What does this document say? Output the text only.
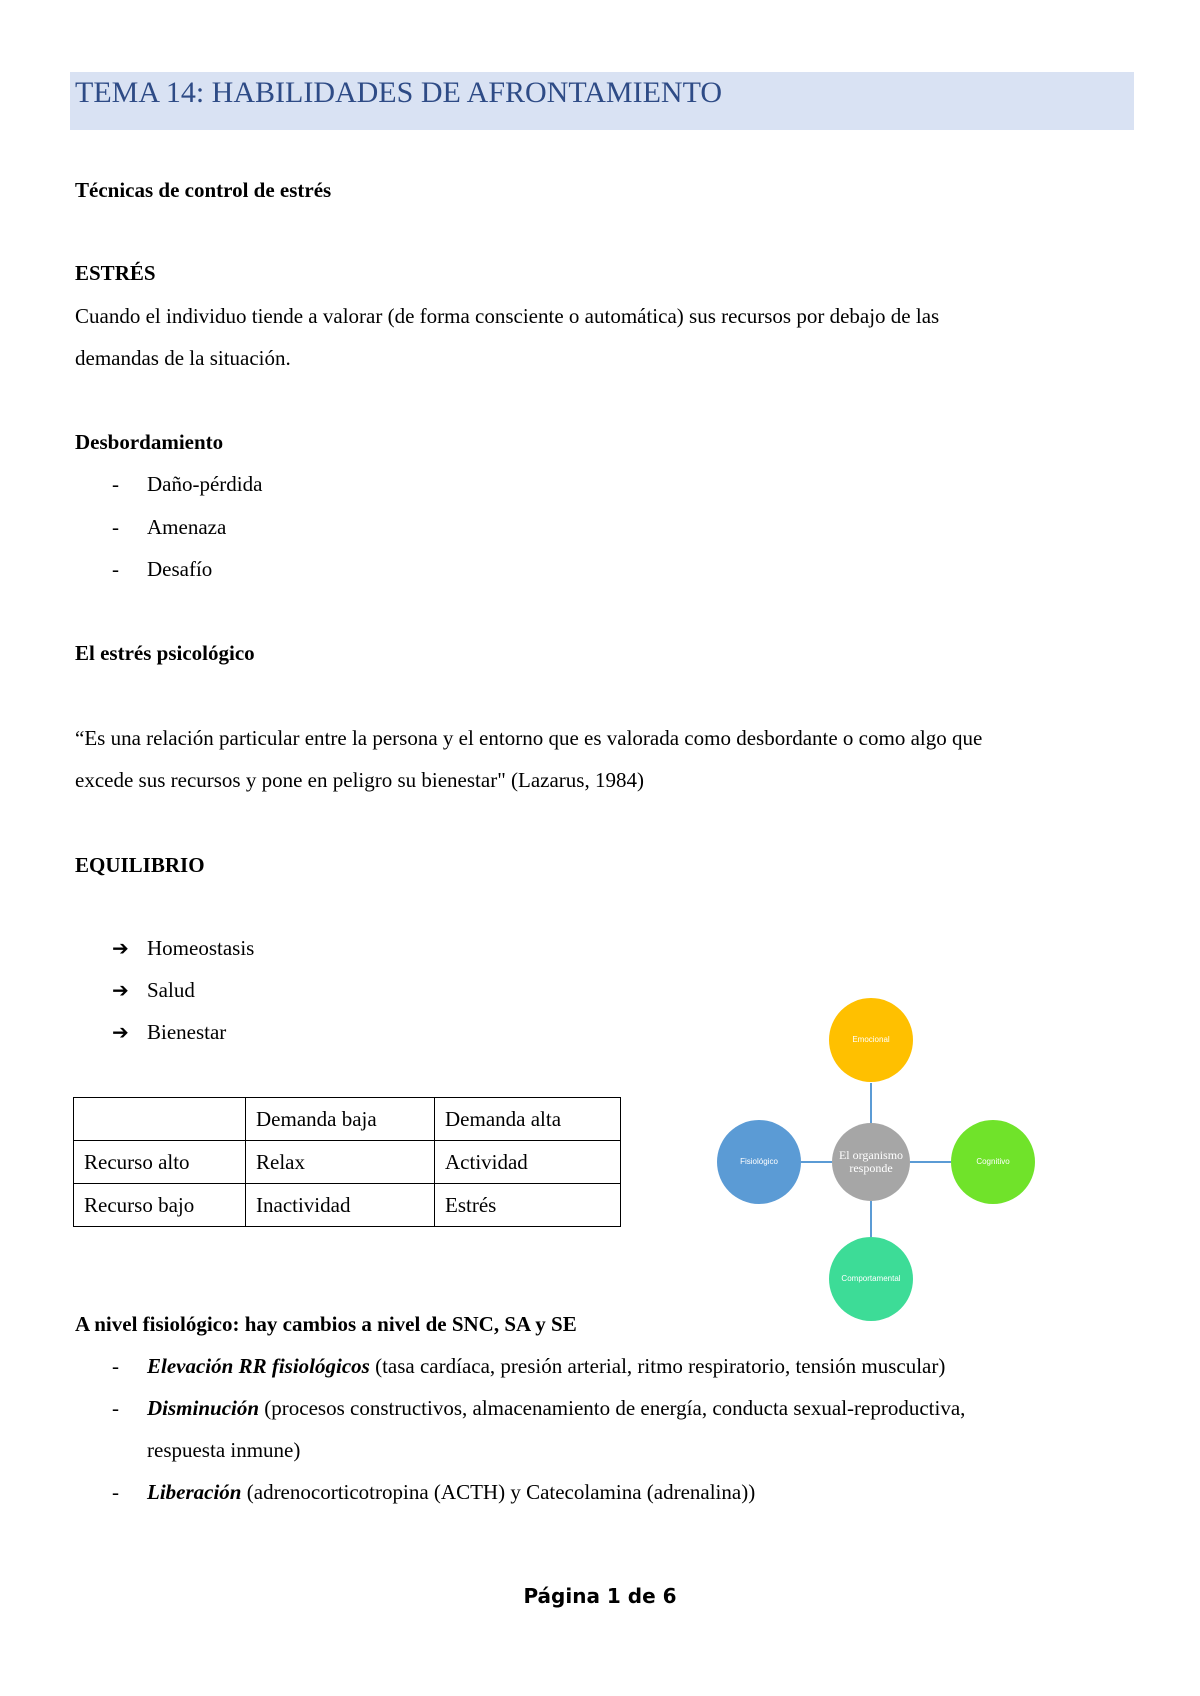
TEMA 14: HABILIDADES DE AFRONTAMIENTO
Técnicas de control de estrés
ESTRÉS
Cuando el individuo tiende a valorar (de forma consciente o automática) sus recursos por debajo de las
demandas de la situación.
Desbordamiento
- Daño-pérdida
- Amenaza
- Desafío
El estrés psicológico
“Es una relación particular entre la persona y el entorno que es valorada como desbordante o como algo que
excede sus recursos y pone en peligro su bienestar" (Lazarus, 1984)
EQUILIBRIO
➔ Homeostasis
➔ Salud
➔ Bienestar
	Demanda baja	Demanda alta
Recurso alto	Relax	Actividad
Recurso bajo	Inactividad	Estrés
Emocional
Fisiológico	El organismo responde	Cognitivo
Comportamental
A nivel fisiológico: hay cambios a nivel de SNC, SA y SE
- Elevación RR fisiológicos (tasa cardíaca, presión arterial, ritmo respiratorio, tensión muscular)
- Disminución (procesos constructivos, almacenamiento de energía, conducta sexual-reproductiva,
respuesta inmune)
- Liberación (adrenocorticotropina (ACTH) y Catecolamina (adrenalina))
Página 1 de 6
